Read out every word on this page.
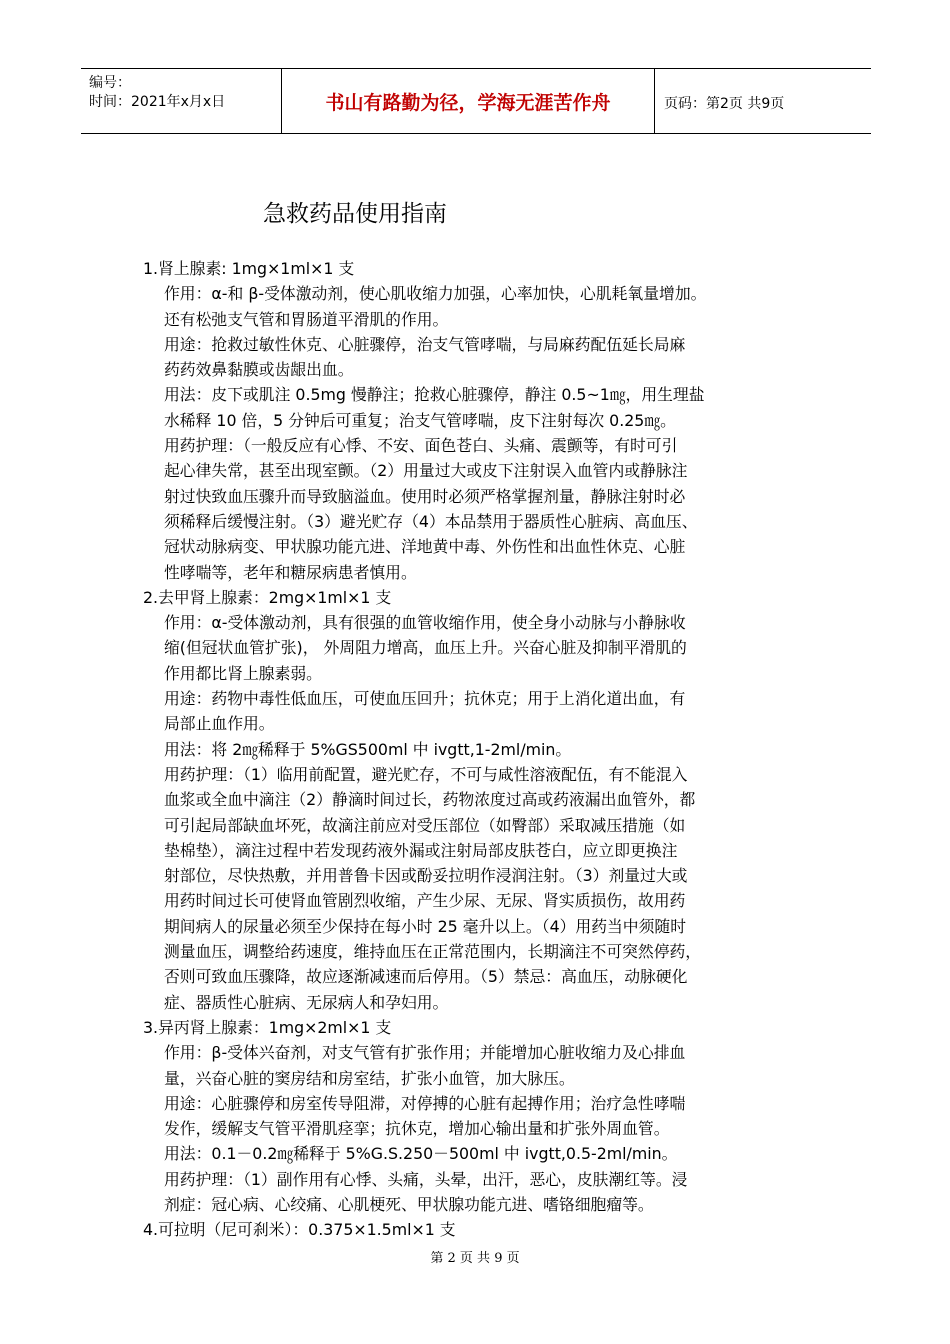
编号：
时间：2021年x月x日	书山有路勤为径，学海无涯苦作舟	页码：第2页 共9页
急救药品使用指南
1.肾上腺素: 1mg×1ml×1 支
作用：α-和 β-受体激动剂，使心肌收缩力加强，心率加快，心肌耗氧量增加。
还有松弛支气管和胃肠道平滑肌的作用。
用途：抢救过敏性休克、心脏骤停，治支气管哮喘，与局麻药配伍延长局麻
药药效鼻黏膜或齿龈出血。
用法：皮下或肌注 0.5mg 慢静注；抢救心脏骤停，静注 0.5~1㎎，用生理盐
水稀释 10 倍，5 分钟后可重复；治支气管哮喘，皮下注射每次 0.25㎎。
用药护理：（一般反应有心悸、不安、面色苍白、头痛、震颤等，有时可引
起心律失常，甚至出现室颤。（2）用量过大或皮下注射误入血管内或静脉注
射过快致血压骤升而导致脑溢血。使用时必须严格掌握剂量，静脉注射时必
须稀释后缓慢注射。（3）避光贮存（4）本品禁用于器质性心脏病、高血压、
冠状动脉病变、甲状腺功能亢进、洋地黄中毒、外伤性和出血性休克、心脏
性哮喘等，老年和糖尿病患者慎用。
2.去甲肾上腺素：2mg×1ml×1 支
作用：α-受体激动剂，具有很强的血管收缩作用，使全身小动脉与小静脉收
缩(但冠状血管扩张)， 外周阻力增高，血压上升。兴奋心脏及抑制平滑肌的
作用都比肾上腺素弱。
用途：药物中毒性低血压，可使血压回升；抗休克；用于上消化道出血，有
局部止血作用。
用法：将 2㎎稀释于 5%GS500ml 中 ivgtt,1-2ml/min。
用药护理：（1）临用前配置，避光贮存，不可与咸性溶液配伍，有不能混入
血浆或全血中滴注（2）静滴时间过长，药物浓度过高或药液漏出血管外，都
可引起局部缺血坏死，故滴注前应对受压部位（如臀部）采取减压措施（如
垫棉垫），滴注过程中若发现药液外漏或注射局部皮肤苍白，应立即更换注
射部位，尽快热敷，并用普鲁卡因或酚妥拉明作浸润注射。（3）剂量过大或
用药时间过长可使肾血管剧烈收缩，产生少尿、无尿、肾实质损伤，故用药
期间病人的尿量必须至少保持在每小时 25 毫升以上。（4）用药当中须随时
测量血压，调整给药速度，维持血压在正常范围内，长期滴注不可突然停药，
否则可致血压骤降，故应逐渐减速而后停用。（5）禁忌：高血压，动脉硬化
症、器质性心脏病、无尿病人和孕妇用。
3.异丙肾上腺素：1mg×2ml×1 支
作用：β-受体兴奋剂，对支气管有扩张作用；并能增加心脏收缩力及心排血
量，兴奋心脏的窦房结和房室结，扩张小血管，加大脉压。
用途：心脏骤停和房室传导阻滞，对停搏的心脏有起搏作用；治疗急性哮喘
发作，缓解支气管平滑肌痉挛；抗休克，增加心输出量和扩张外周血管。
用法：0.1－0.2㎎稀释于 5%G.S.250－500ml 中 ivgtt,0.5-2ml/min。
用药护理：（1）副作用有心悸、头痛，头晕，出汗，恶心，皮肤潮红等。浸
剂症：冠心病、心绞痛、心肌梗死、甲状腺功能亢进、嗜铬细胞瘤等。
4.可拉明（尼可刹米）：0.375×1.5ml×1 支
第 2 页 共 9 页
